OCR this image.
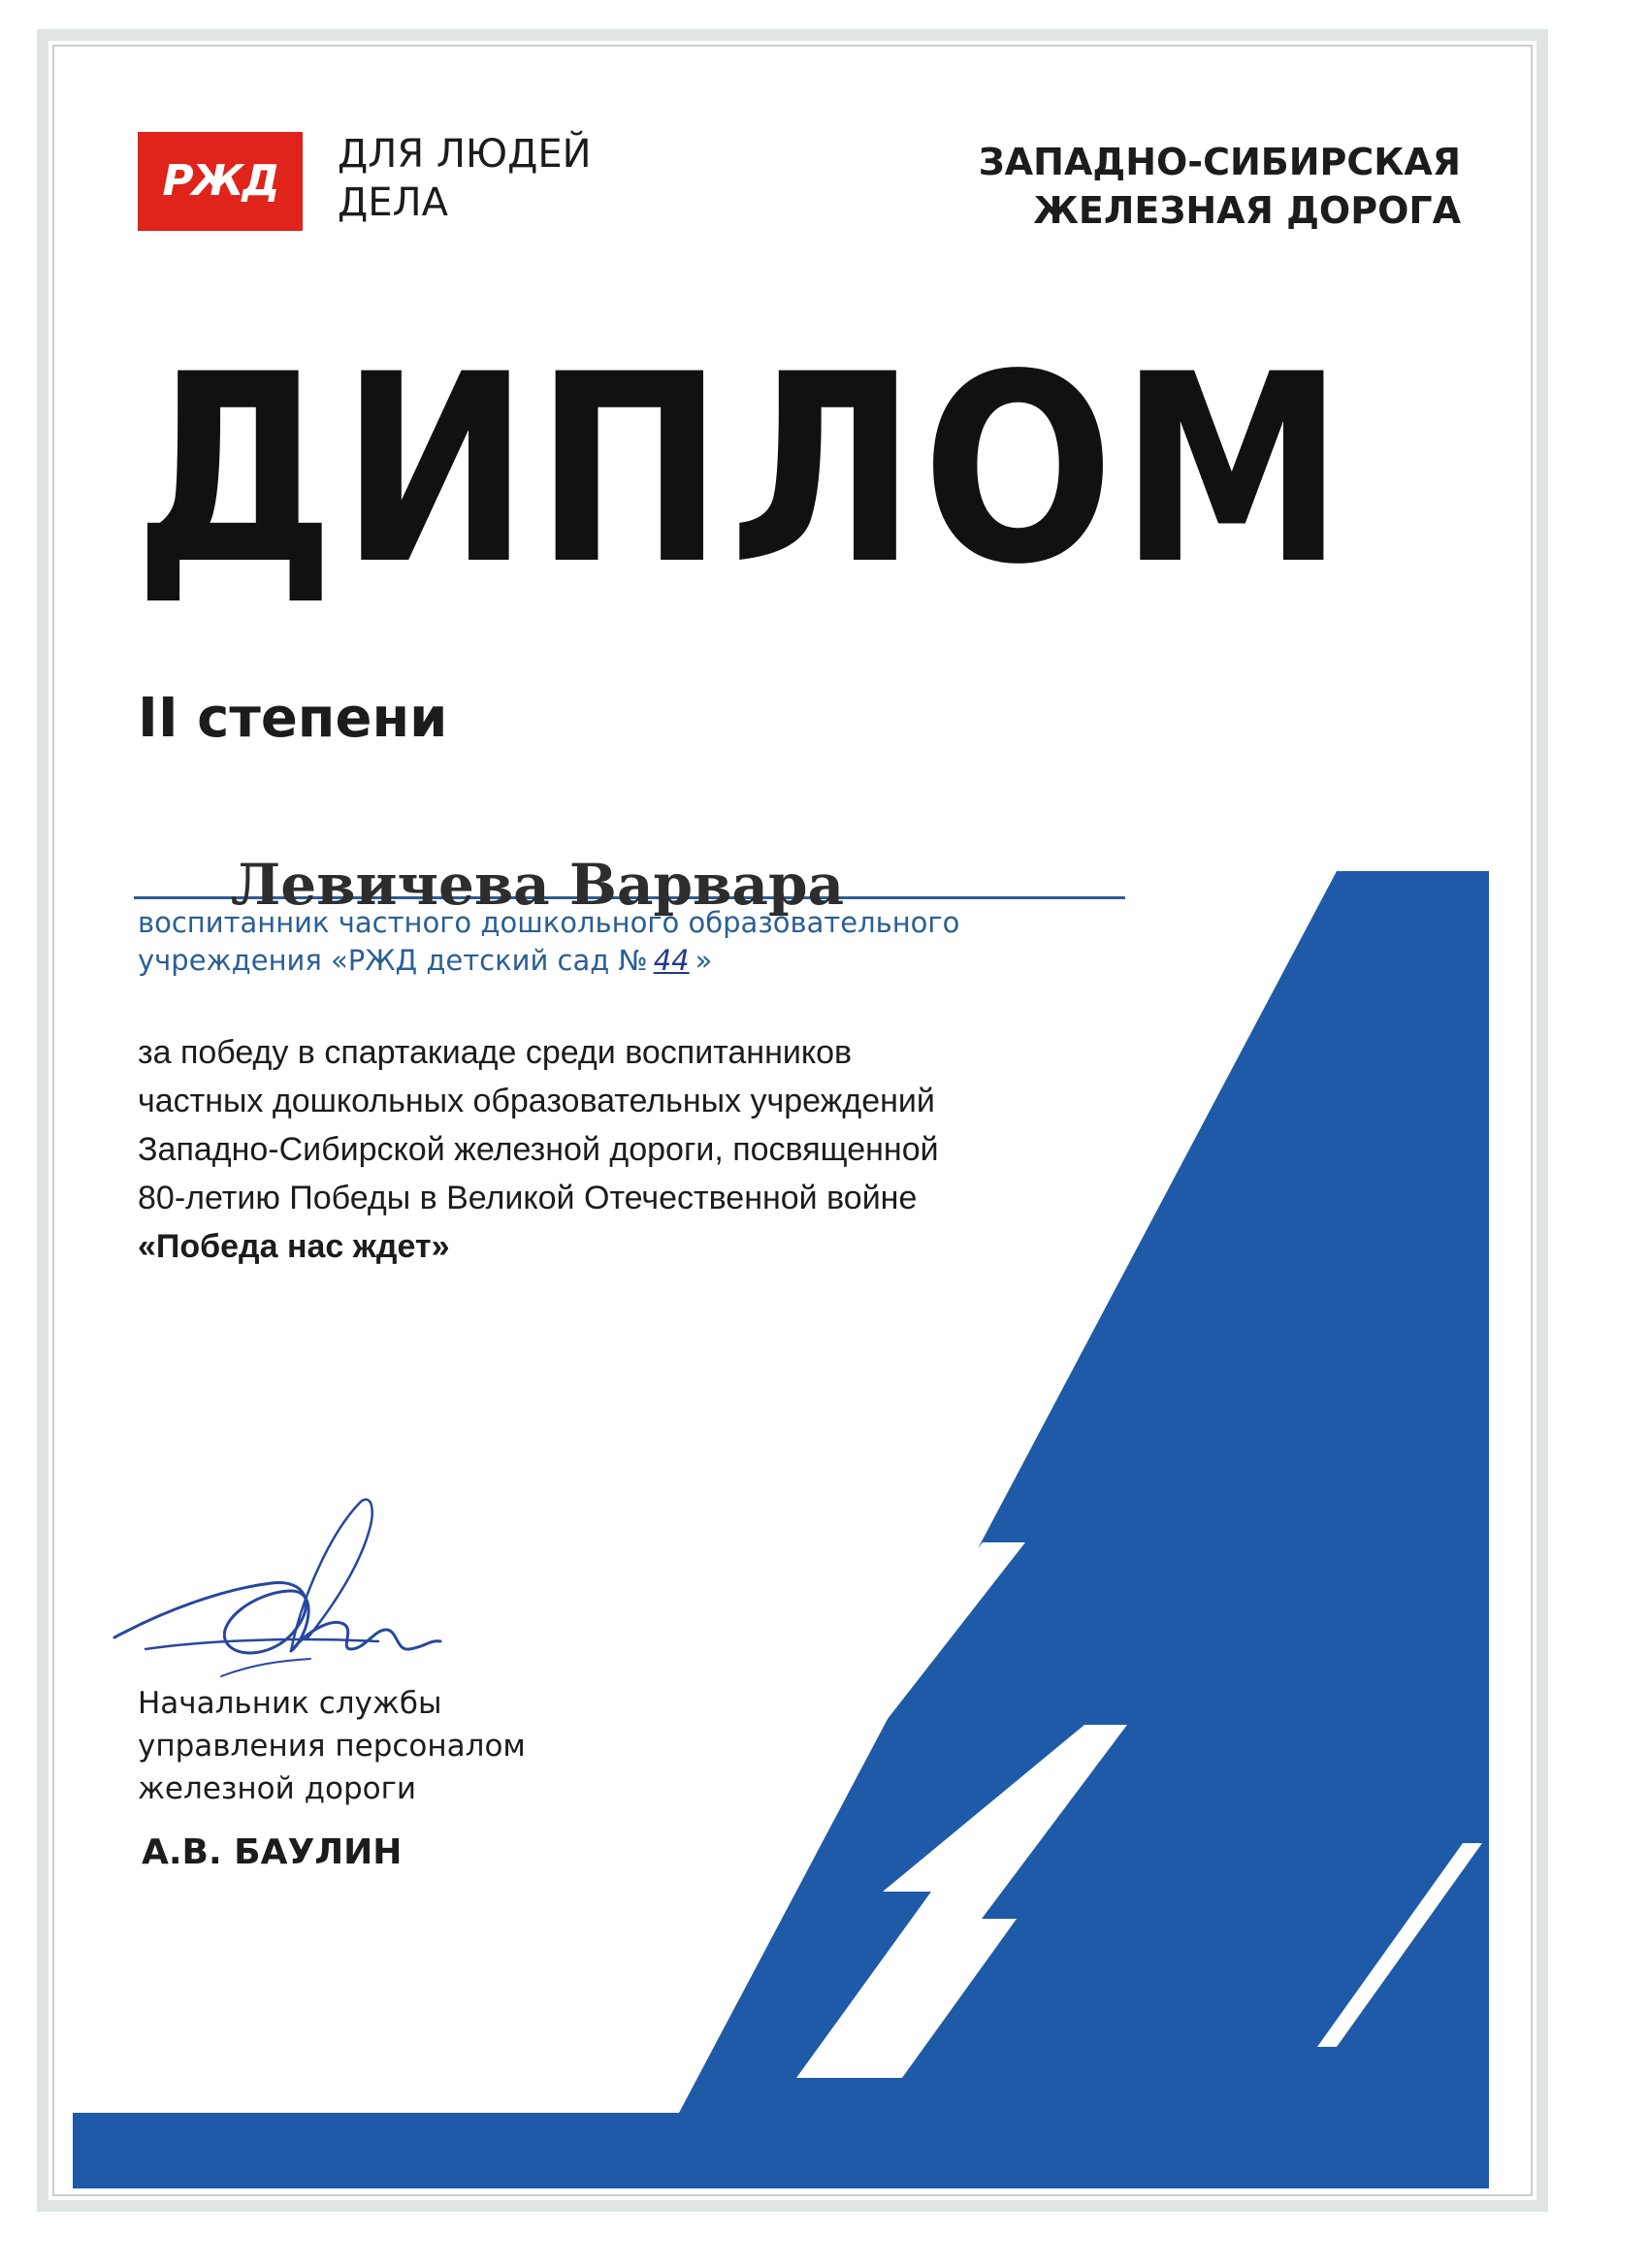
РЖД
ДЛЯ ЛЮДЕЙ
ДЕЛА
ЗАПАДНО-СИБИРСКАЯ
ЖЕЛЕЗНАЯ ДОРОГА
ДИПЛОМ
II степени
Левичева Варвара
воспитанник частного дошкольного образовательного
учреждения «РЖД детский сад № 44 »
за победу в спартакиаде среди воспитанников
частных дошкольных образовательных учреждений
Западно-Сибирской железной дороги, посвященной
80-летию Победы в Великой Отечественной войне
«Победа нас ждет»
Начальник службы
управления персоналом
железной дороги
А.В. БАУЛИН
